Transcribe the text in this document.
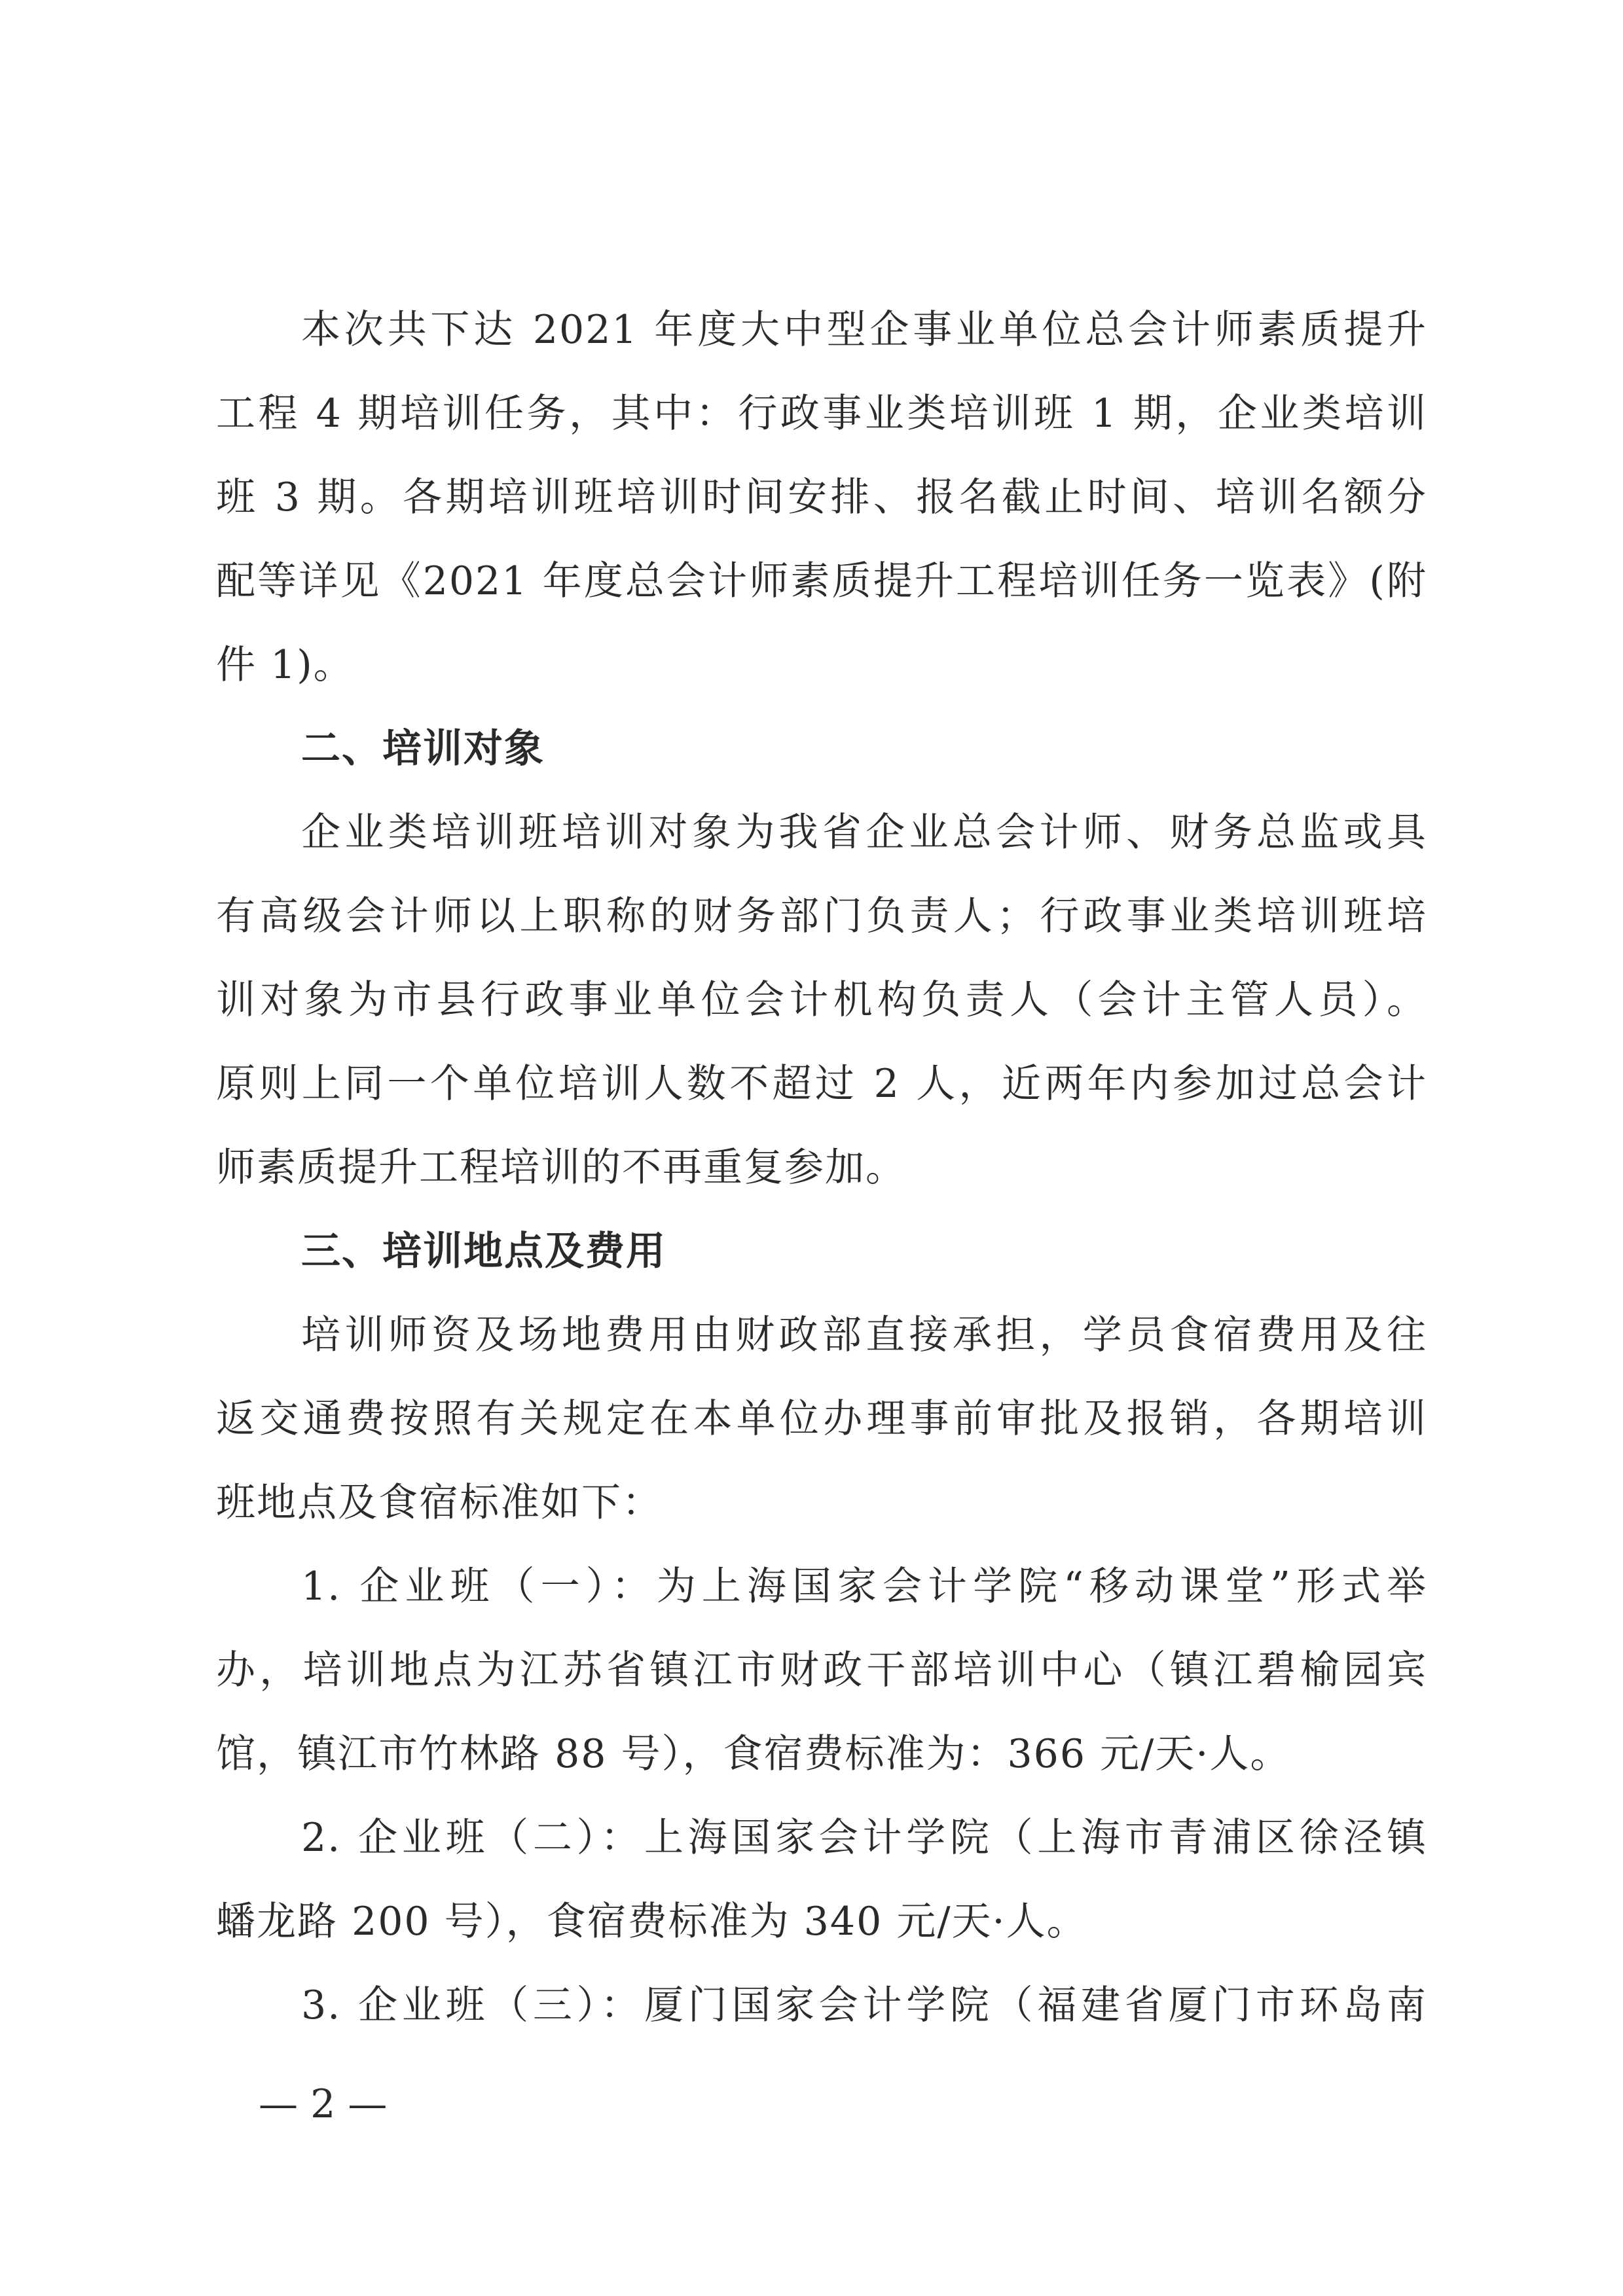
本次共下达 2021 年度大中型企事业单位总会计师素质提升
工程 4 期培训任务，其中：行政事业类培训班 1 期，企业类培训
班 3 期。各期培训班培训时间安排、报名截止时间、培训名额分
配等详见《2021 年度总会计师素质提升工程培训任务一览表》(附
件 1)。
二、培训对象
企业类培训班培训对象为我省企业总会计师、财务总监或具
有高级会计师以上职称的财务部门负责人；行政事业类培训班培
训对象为市县行政事业单位会计机构负责人（会计主管人员）。
原则上同一个单位培训人数不超过 2 人，近两年内参加过总会计
师素质提升工程培训的不再重复参加。
三、培训地点及费用
培训师资及场地费用由财政部直接承担，学员食宿费用及往
返交通费按照有关规定在本单位办理事前审批及报销，各期培训
班地点及食宿标准如下：
1. 企业班（一）：为上海国家会计学院“移动课堂”形式举
办，培训地点为江苏省镇江市财政干部培训中心（镇江碧榆园宾
馆，镇江市竹林路 88 号），食宿费标准为：366 元/天·人。
2. 企业班（二）：上海国家会计学院（上海市青浦区徐泾镇
蟠龙路 200 号），食宿费标准为 340 元/天·人。
3. 企业班（三）：厦门国家会计学院（福建省厦门市环岛南
— 2 —
